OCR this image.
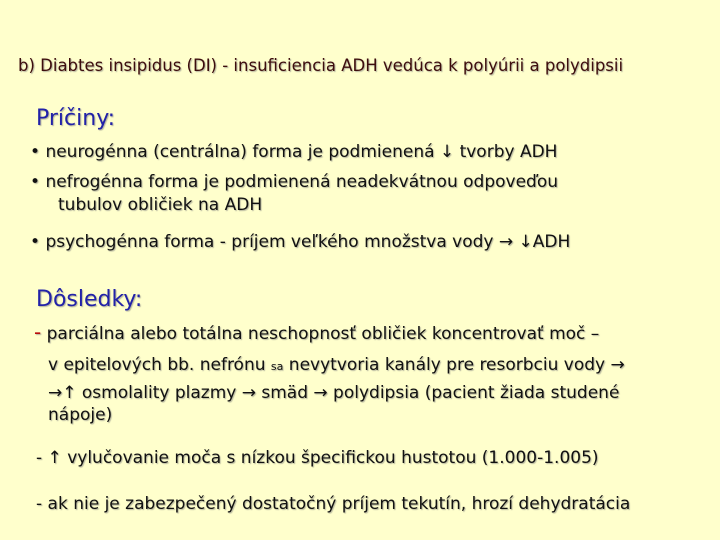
b) Diabtes insipidus (DI) - insuficiencia ADH vedúca k polyúrii a polydipsii
Príčiny:
• neurogénna (centrálna) forma je podmienená ↓ tvorby ADH
• nefrogénna forma je podmienená neadekvátnou odpoveďou
tubulov obličiek na ADH
• psychogénna forma - príjem veľkého množstva vody → ↓ADH
Dôsledky:
- parciálna alebo totálna neschopnosť obličiek koncentrovať moč –
v epitelových bb. nefrónu sa nevytvoria kanály pre resorbciu vody →
→↑ osmolality plazmy → smäd → polydipsia (pacient žiada studené
nápoje)
- ↑ vylučovanie moča s nízkou špecifickou hustotou (1.000-1.005)
- ak nie je zabezpečený dostatočný príjem tekutín, hrozí dehydratácia
